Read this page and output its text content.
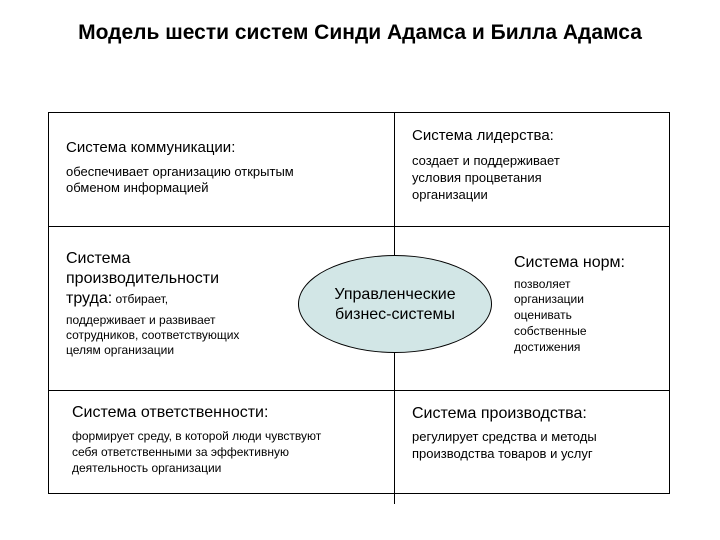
Модель шести систем Синди Адамса и Билла Адамса
Система коммуникации:
обеспечивает организацию открытым
обменом информацией
Система лидерства:
создает и поддерживает
условия процветания
организации
Система
производительности
труда: отбирает,
поддерживает и развивает
сотрудников, соответствующих
целям организации
Система норм:
позволяет
организации
оценивать
собственные
достижения
Управленческие
бизнес-системы
Система ответственности:
формирует среду, в которой люди чувствуют
себя ответственными за эффективную
деятельность организации
Система производства:
регулирует средства и методы
производства товаров и услуг
